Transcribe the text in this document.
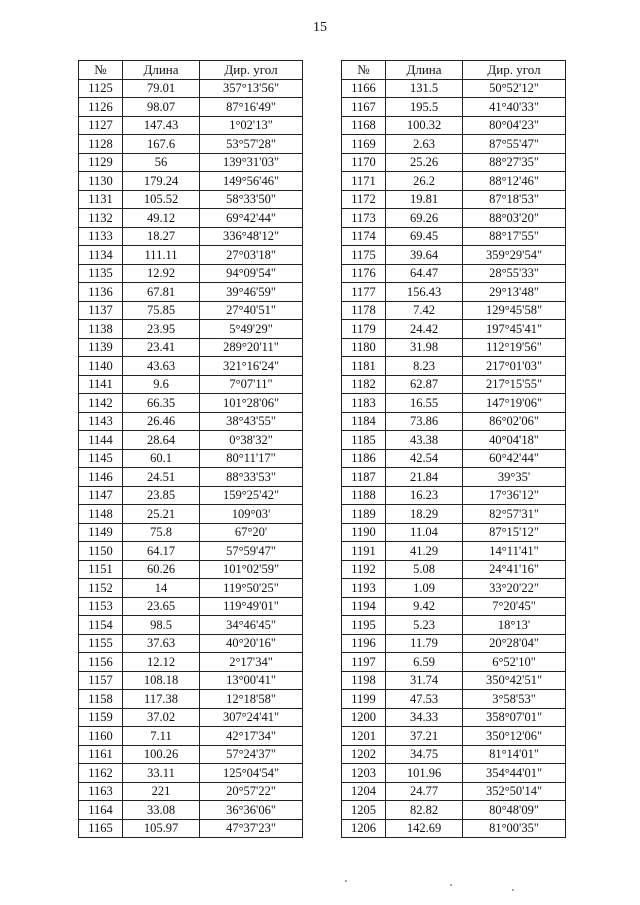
15
№	Длина	Дир. угол
1125	79.01	357°13'56"
1126	98.07	87°16'49"
1127	147.43	1°02'13"
1128	167.6	53°57'28"
1129	56	139°31'03"
1130	179.24	149°56'46"
1131	105.52	58°33'50"
1132	49.12	69°42'44"
1133	18.27	336°48'12"
1134	111.11	27°03'18"
1135	12.92	94°09'54"
1136	67.81	39°46'59"
1137	75.85	27°40'51"
1138	23.95	5°49'29"
1139	23.41	289°20'11"
1140	43.63	321°16'24"
1141	9.6	7°07'11"
1142	66.35	101°28'06"
1143	26.46	38°43'55"
1144	28.64	0°38'32"
1145	60.1	80°11'17"
1146	24.51	88°33'53"
1147	23.85	159°25'42"
1148	25.21	109°03'
1149	75.8	67°20'
1150	64.17	57°59'47"
1151	60.26	101°02'59"
1152	14	119°50'25"
1153	23.65	119°49'01"
1154	98.5	34°46'45"
1155	37.63	40°20'16"
1156	12.12	2°17'34"
1157	108.18	13°00'41"
1158	117.38	12°18'58"
1159	37.02	307°24'41"
1160	7.11	42°17'34"
1161	100.26	57°24'37"
1162	33.11	125°04'54"
1163	221	20°57'22"
1164	33.08	36°36'06"
1165	105.97	47°37'23"
№	Длина	Дир. угол
1166	131.5	50°52'12"
1167	195.5	41°40'33"
1168	100.32	80°04'23"
1169	2.63	87°55'47"
1170	25.26	88°27'35"
1171	26.2	88°12'46"
1172	19.81	87°18'53"
1173	69.26	88°03'20"
1174	69.45	88°17'55"
1175	39.64	359°29'54"
1176	64.47	28°55'33"
1177	156.43	29°13'48"
1178	7.42	129°45'58"
1179	24.42	197°45'41"
1180	31.98	112°19'56"
1181	8.23	217°01'03"
1182	62.87	217°15'55"
1183	16.55	147°19'06"
1184	73.86	86°02'06"
1185	43.38	40°04'18"
1186	42.54	60°42'44"
1187	21.84	39°35'
1188	16.23	17°36'12"
1189	18.29	82°57'31"
1190	11.04	87°15'12"
1191	41.29	14°11'41"
1192	5.08	24°41'16"
1193	1.09	33°20'22"
1194	9.42	7°20'45"
1195	5.23	18°13'
1196	11.79	20°28'04"
1197	6.59	6°52'10"
1198	31.74	350°42'51"
1199	47.53	3°58'53"
1200	34.33	358°07'01"
1201	37.21	350°12'06"
1202	34.75	81°14'01"
1203	101.96	354°44'01"
1204	24.77	352°50'14"
1205	82.82	80°48'09"
1206	142.69	81°00'35"
